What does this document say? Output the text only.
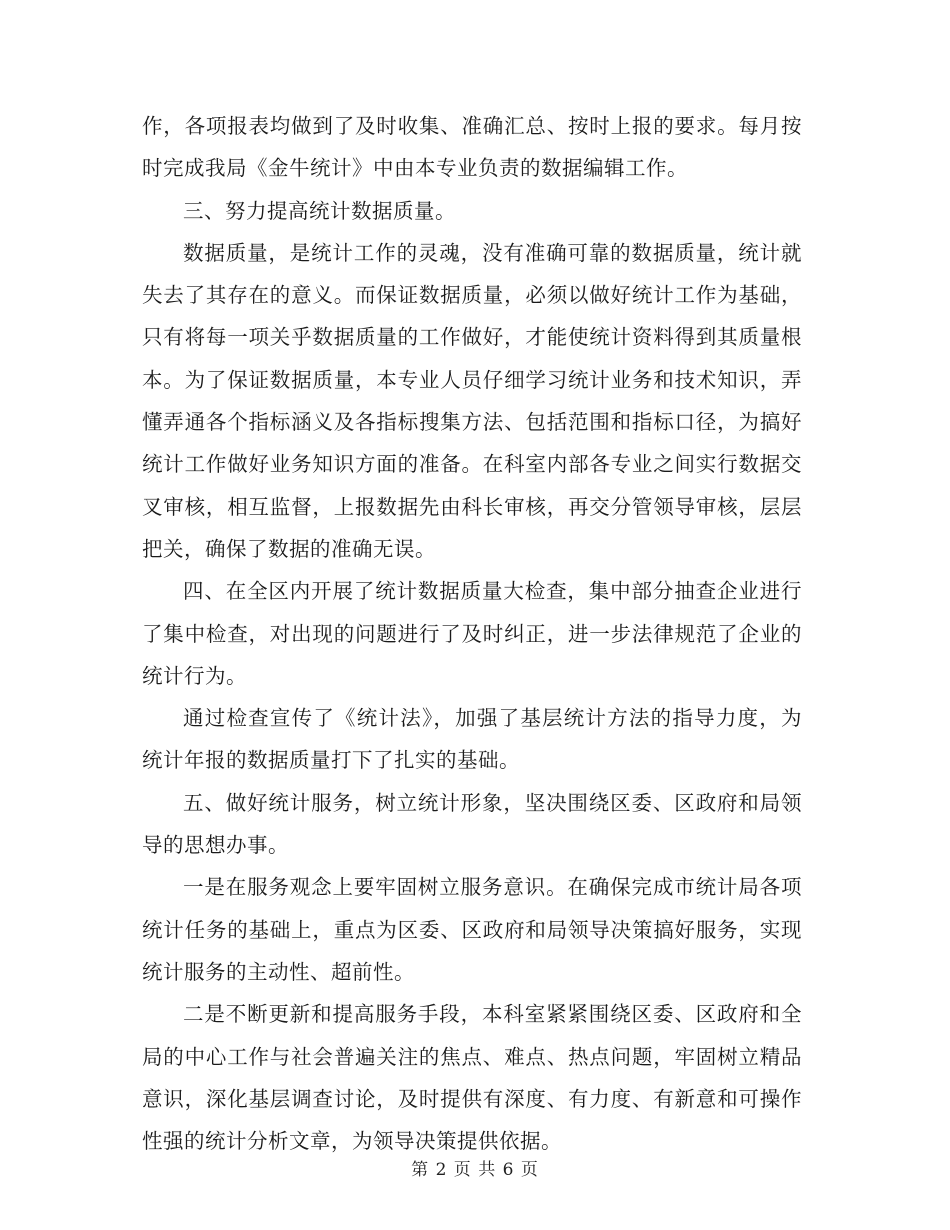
作，各项报表均做到了及时收集、准确汇总、按时上报的要求。每月按时完成我局《金牛统计》中由本专业负责的数据编辑工作。

三、努力提高统计数据质量。

数据质量，是统计工作的灵魂，没有准确可靠的数据质量，统计就失去了其存在的意义。而保证数据质量，必须以做好统计工作为基础，只有将每一项关乎数据质量的工作做好，才能使统计资料得到其质量根本。为了保证数据质量，本专业人员仔细学习统计业务和技术知识，弄懂弄通各个指标涵义及各指标搜集方法、包括范围和指标口径，为搞好统计工作做好业务知识方面的准备。在科室内部各专业之间实行数据交叉审核，相互监督，上报数据先由科长审核，再交分管领导审核，层层把关，确保了数据的准确无误。

四、在全区内开展了统计数据质量大检查，集中部分抽查企业进行了集中检查，对出现的问题进行了及时纠正，进一步法律规范了企业的统计行为。

通过检查宣传了《统计法》，加强了基层统计方法的指导力度，为统计年报的数据质量打下了扎实的基础。

五、做好统计服务，树立统计形象，坚决围绕区委、区政府和局领导的思想办事。

一是在服务观念上要牢固树立服务意识。在确保完成市统计局各项统计任务的基础上，重点为区委、区政府和局领导决策搞好服务，实现统计服务的主动性、超前性。

二是不断更新和提高服务手段，本科室紧紧围绕区委、区政府和全局的中心工作与社会普遍关注的焦点、难点、热点问题，牢固树立精品意识，深化基层调查讨论，及时提供有深度、有力度、有新意和可操作性强的统计分析文章，为领导决策提供依据。

第 2 页 共 6 页
